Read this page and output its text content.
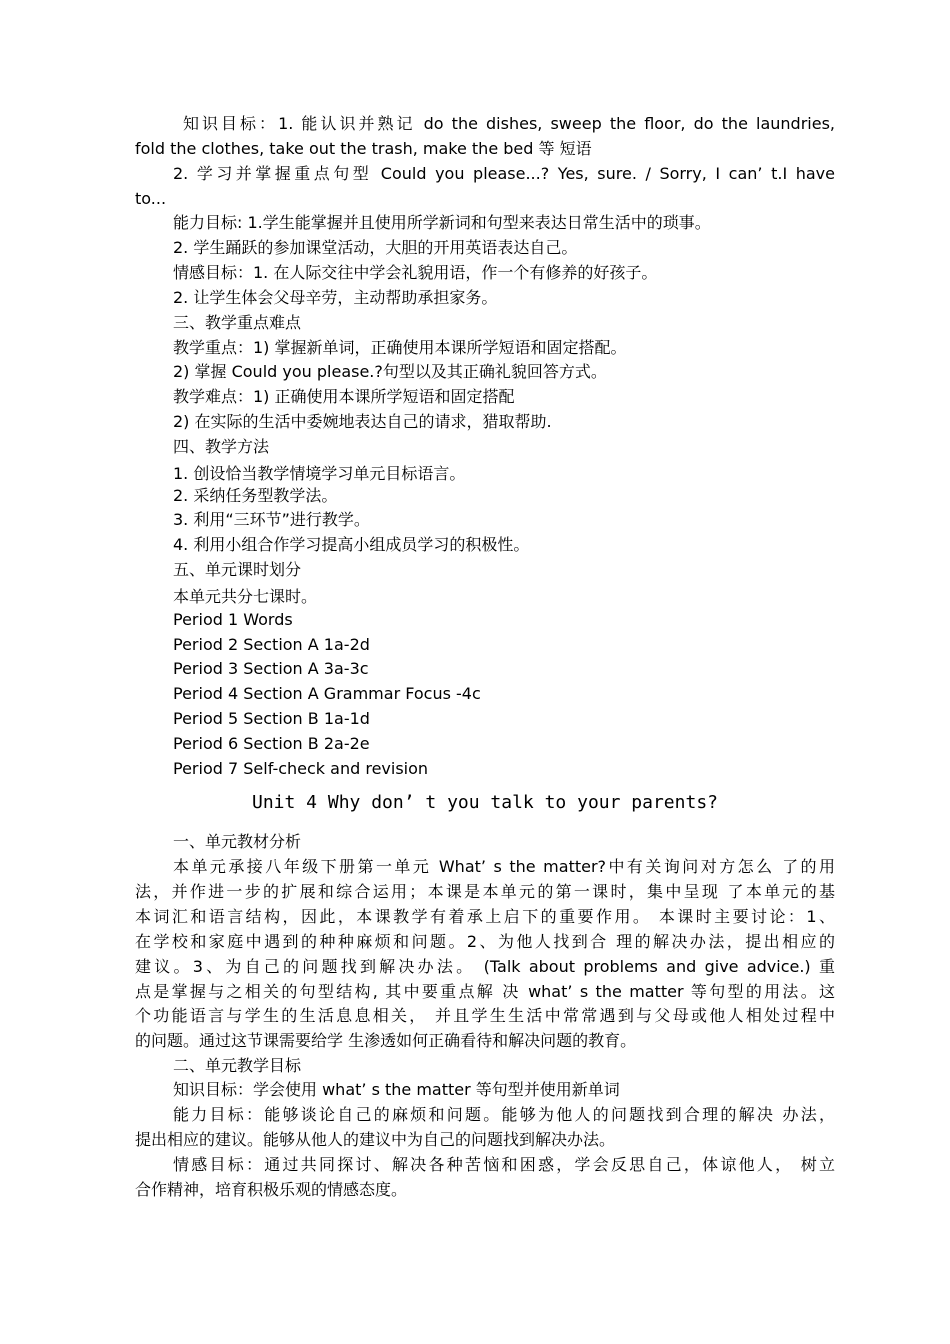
知识目标：1. 能认识并熟记 do the dishes, sweep the floor, do the laundries,
fold the clothes, take out the trash, make the bed 等 短语
2. 学习并掌握重点句型 Could you please...? Yes, sure. / Sorry, I can’ t.I have
to...
能力目标: 1.学生能掌握并且使用所学新词和句型来表达日常生活中的琐事。
2. 学生踊跃的参加课堂活动，大胆的开用英语表达自己。
情感目标：1. 在人际交往中学会礼貌用语，作一个有修养的好孩子。
2. 让学生体会父母辛劳，主动帮助承担家务。
三、教学重点难点
教学重点：1) 掌握新单词，正确使用本课所学短语和固定搭配。
2) 掌握 Could you please.?句型以及其正确礼貌回答方式。
教学难点：1) 正确使用本课所学短语和固定搭配
2) 在实际的生活中委婉地表达自己的请求，猎取帮助.
四、教学方法
1. 创设恰当教学情境学习单元目标语言。
2. 采纳任务型教学法。
3. 利用“三环节”进行教学。
4. 利用小组合作学习提高小组成员学习的积极性。
五、单元课时划分
本单元共分七课时。
Period 1 Words
Period 2 Section A 1a-2d
Period 3 Section A 3a-3c
Period 4 Section A Grammar Focus -4c
Period 5 Section B 1a-1d
Period 6 Section B 2a-2e
Period 7 Self-check and revision
Unit 4 Why don’ t you talk to your parents?
一、单元教材分析
本单元承接八年级下册第一单元 What’ s the matter?中有关询问对方怎么 了的用
法，并作进一步的扩展和综合运用；本课是本单元的第一课时，集中呈现 了本单元的基
本词汇和语言结构，因此，本课教学有着承上启下的重要作用。 本课时主要讨论：1、
在学校和家庭中遇到的种种麻烦和问题。2、为他人找到合 理的解决办法，提出相应的
建议。3、为自己的问题找到解决办法。 (Talk about problems and give advice.) 重
点是掌握与之相关的句型结构, 其中要重点解 决 what’ s the matter 等句型的用法。这
个功能语言与学生的生活息息相关， 并且学生生活中常常遇到与父母或他人相处过程中
的问题。通过这节课需要给学 生渗透如何正确看待和解决问题的教育。
二、单元教学目标
知识目标：学会使用 what’ s the matter 等句型并使用新单词
能力目标：能够谈论自己的麻烦和问题。能够为他人的问题找到合理的解决 办法，
提出相应的建议。能够从他人的建议中为自己的问题找到解决办法。
情感目标：通过共同探讨、解决各种苦恼和困惑，学会反思自己，体谅他人， 树立
合作精神，培育积极乐观的情感态度。
